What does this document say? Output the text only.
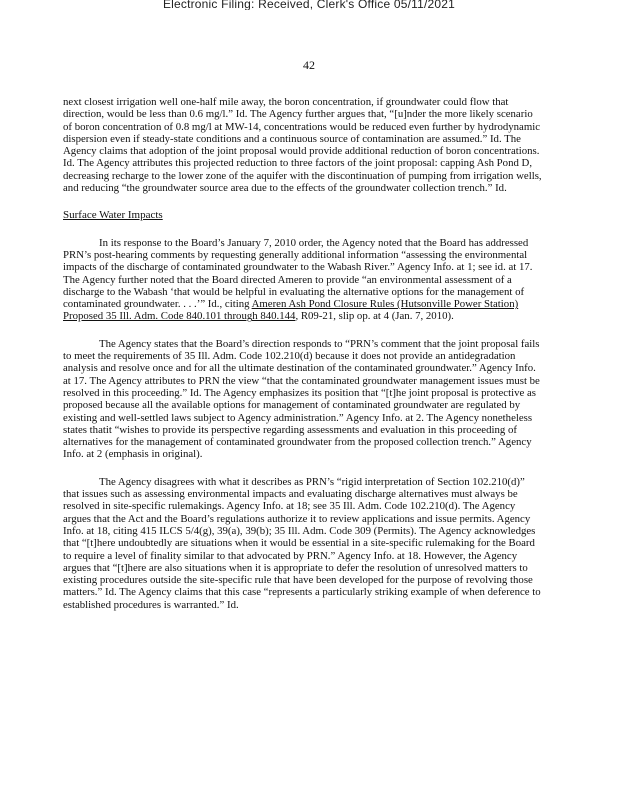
Electronic Filing: Received, Clerk's Office 05/11/2021
42

next closest irrigation well one-half mile away, the boron concentration, if groundwater could flow that direction, would be less than 0.6 mg/l.” Id. The Agency further argues that, “[u]nder the more likely scenario of boron concentration of 0.8 mg/l at MW-14, concentrations would be reduced even further by hydrodynamic dispersion even if steady-state conditions and a continuous source of contamination are assumed.” Id. The Agency claims that adoption of the joint proposal would provide additional reduction of boron concentrations. Id. The Agency attributes this projected reduction to three factors of the joint proposal: capping Ash Pond D, decreasing recharge to the lower zone of the aquifer with the discontinuation of pumping from irrigation wells, and reducing “the groundwater source area due to the effects of the groundwater collection trench.” Id.

Surface Water Impacts

In its response to the Board’s January 7, 2010 order, the Agency noted that the Board has addressed PRN’s post-hearing comments by requesting generally additional information “assessing the environmental impacts of the discharge of contaminated groundwater to the Wabash River.” Agency Info. at 1; see id. at 17. The Agency further noted that the Board directed Ameren to provide “an environmental assessment of a discharge to the Wabash ‘that would be helpful in evaluating the alternative options for the management of contaminated groundwater. . . .’” Id., citing Ameren Ash Pond Closure Rules (Hutsonville Power Station) Proposed 35 Ill. Adm. Code 840.101 through 840.144, R09-21, slip op. at 4 (Jan. 7, 2010).

The Agency states that the Board’s direction responds to “PRN’s comment that the joint proposal fails to meet the requirements of 35 Ill. Adm. Code 102.210(d) because it does not provide an antidegradation analysis and resolve once and for all the ultimate destination of the contaminated groundwater.” Agency Info. at 17. The Agency attributes to PRN the view “that the contaminated groundwater management issues must be resolved in this proceeding.” Id. The Agency emphasizes its position that “[t]he joint proposal is protective as proposed because all the available options for management of contaminated groundwater are regulated by existing and well-settled laws subject to Agency administration.” Agency Info. at 2. The Agency nonetheless states thatit “wishes to provide its perspective regarding assessments and evaluation in this proceeding of alternatives for the management of contaminated groundwater from the proposed collection trench.” Agency Info. at 2 (emphasis in original).

The Agency disagrees with what it describes as PRN’s “rigid interpretation of Section 102.210(d)” that issues such as assessing environmental impacts and evaluating discharge alternatives must always be resolved in site-specific rulemakings. Agency Info. at 18; see 35 Ill. Adm. Code 102.210(d). The Agency argues that the Act and the Board’s regulations authorize it to review applications and issue permits. Agency Info. at 18, citing 415 ILCS 5/4(g), 39(a), 39(b); 35 Ill. Adm. Code 309 (Permits). The Agency acknowledges that “[t]here undoubtedly are situations when it would be essential in a site-specific rulemaking for the Board to require a level of finality similar to that advocated by PRN.” Agency Info. at 18. However, the Agency argues that “[t]here are also situations when it is appropriate to defer the resolution of unresolved matters to existing procedures outside the site-specific rule that have been developed for the purpose of revolving those matters.” Id. The Agency claims that this case “represents a particularly striking example of when deference to established procedures is warranted.” Id.
